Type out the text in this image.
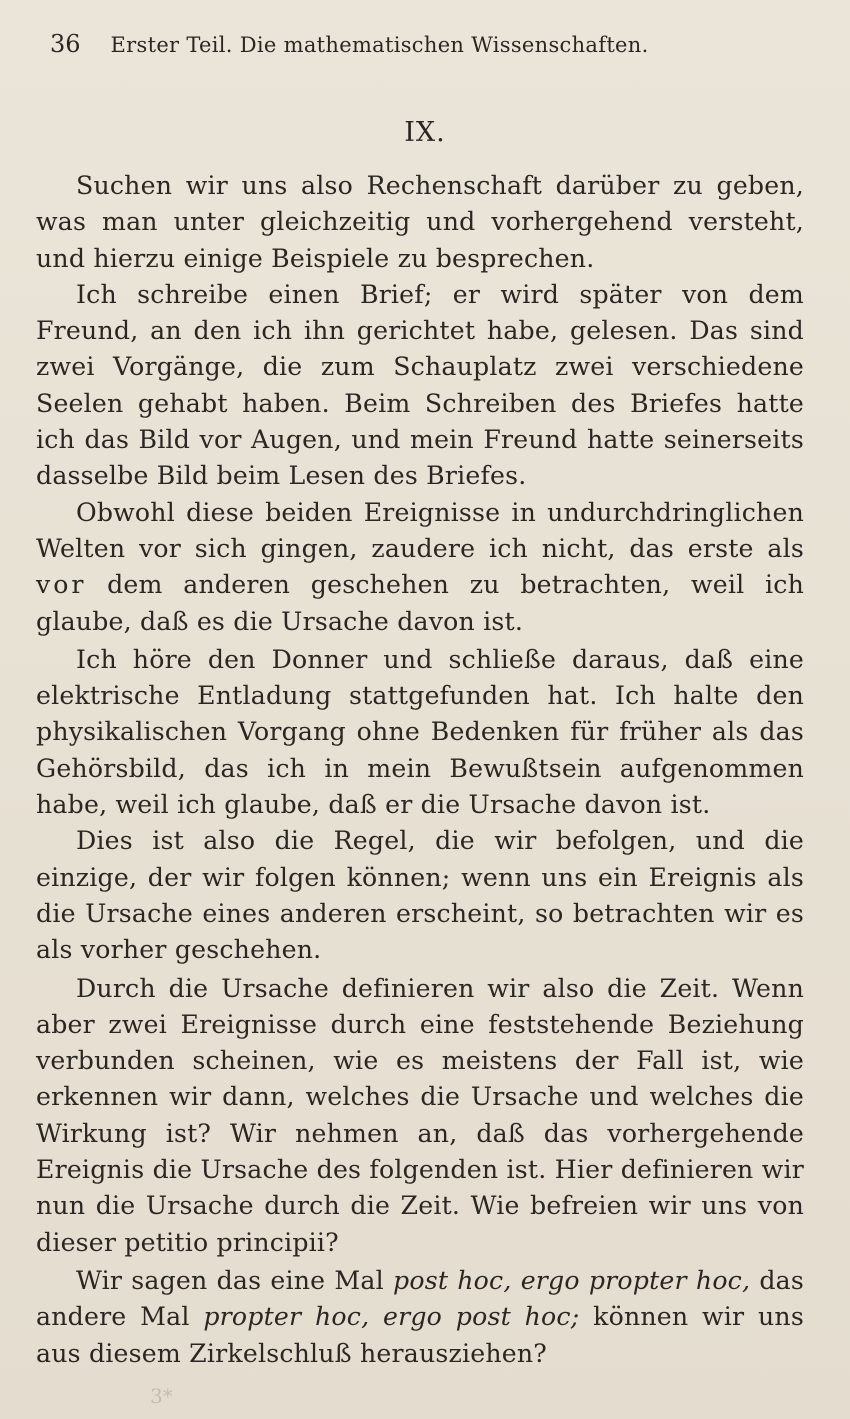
36 Erster Teil. Die mathematischen Wissenschaften.
IX.

Suchen wir uns also Rechenschaft darüber zu geben, was man unter gleichzeitig und vorhergehend versteht, und hierzu einige Beispiele zu besprechen.

Ich schreibe einen Brief; er wird später von dem Freund, an den ich ihn gerichtet habe, gelesen. Das sind zwei Vorgänge, die zum Schauplatz zwei verschiedene Seelen gehabt haben. Beim Schreiben des Briefes hatte ich das Bild vor Augen, und mein Freund hatte seinerseits dasselbe Bild beim Lesen des Briefes.

Obwohl diese beiden Ereignisse in undurchdringlichen Welten vor sich gingen, zaudere ich nicht, das erste als vor dem anderen geschehen zu betrachten, weil ich glaube, daß es die Ursache davon ist.

Ich höre den Donner und schließe daraus, daß eine elektrische Entladung stattgefunden hat. Ich halte den physikalischen Vorgang ohne Bedenken für früher als das Gehörsbild, das ich in mein Bewußtsein aufgenommen habe, weil ich glaube, daß er die Ursache davon ist.

Dies ist also die Regel, die wir befolgen, und die einzige, der wir folgen können; wenn uns ein Ereignis als die Ursache eines anderen erscheint, so betrachten wir es als vorher geschehen.

Durch die Ursache definieren wir also die Zeit. Wenn aber zwei Ereignisse durch eine feststehende Beziehung verbunden scheinen, wie es meistens der Fall ist, wie erkennen wir dann, welches die Ursache und welches die Wirkung ist? Wir nehmen an, daß das vorhergehende Ereignis die Ursache des folgenden ist. Hier definieren wir nun die Ursache durch die Zeit. Wie befreien wir uns von dieser petitio principii?

Wir sagen das eine Mal post hoc, ergo propter hoc, das andere Mal propter hoc, ergo post hoc; können wir uns aus diesem Zirkelschluß herausziehen?

3*
